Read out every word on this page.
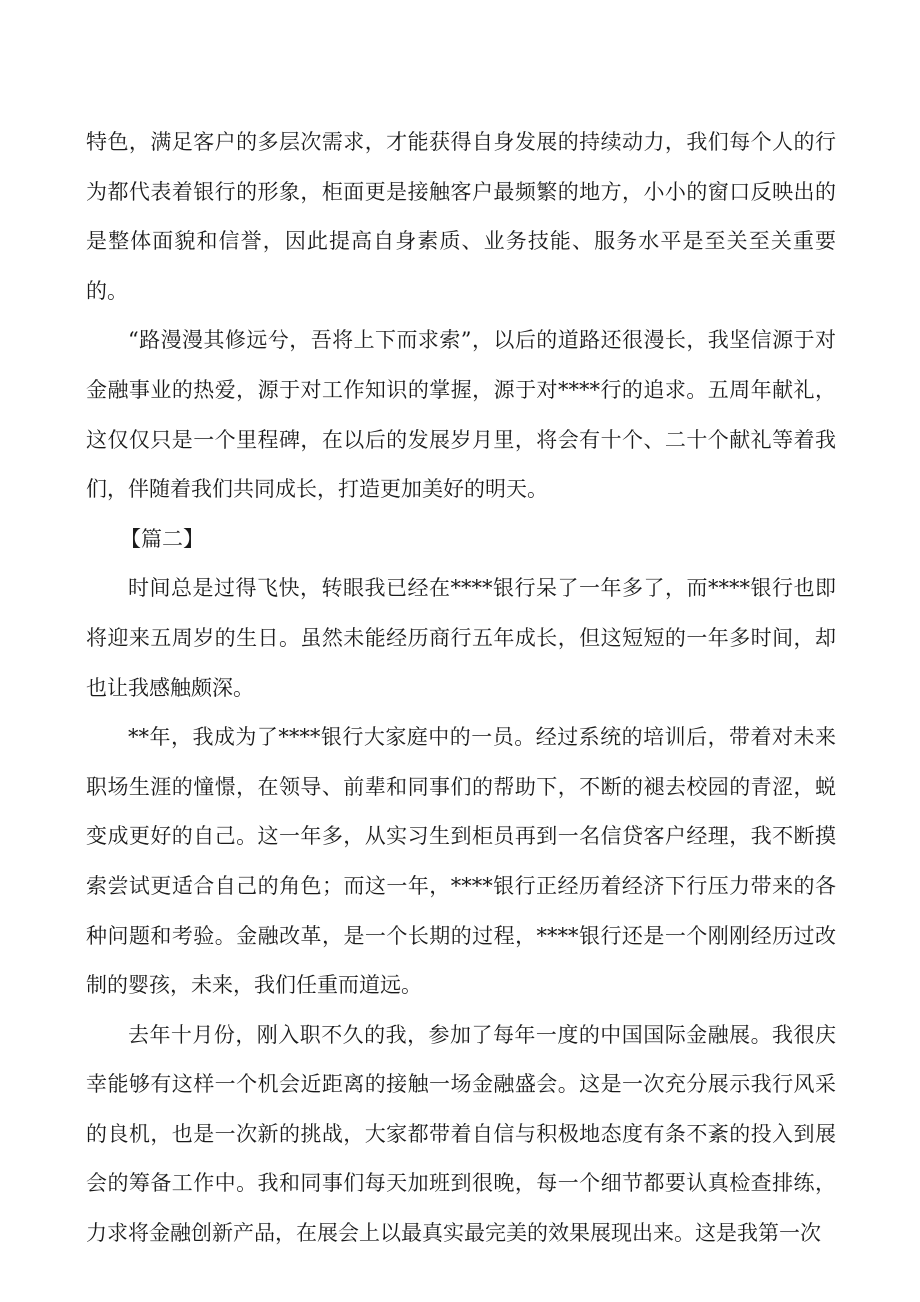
特色，满足客户的多层次需求，才能获得自身发展的持续动力，我们每个人的行为都代表着银行的形象，柜面更是接触客户最频繁的地方，小小的窗口反映出的是整体面貌和信誉，因此提高自身素质、业务技能、服务水平是至关至关重要的。

“路漫漫其修远兮，吾将上下而求索”，以后的道路还很漫长，我坚信源于对金融事业的热爱，源于对工作知识的掌握，源于对****行的追求。五周年献礼，这仅仅只是一个里程碑，在以后的发展岁月里，将会有十个、二十个献礼等着我们，伴随着我们共同成长，打造更加美好的明天。

【篇二】

时间总是过得飞快，转眼我已经在****银行呆了一年多了，而****银行也即将迎来五周岁的生日。虽然未能经历商行五年成长，但这短短的一年多时间，却也让我感触颇深。

**年，我成为了****银行大家庭中的一员。经过系统的培训后，带着对未来职场生涯的憧憬，在领导、前辈和同事们的帮助下，不断的褪去校园的青涩，蜕变成更好的自己。这一年多，从实习生到柜员再到一名信贷客户经理，我不断摸索尝试更适合自己的角色；而这一年，****银行正经历着经济下行压力带来的各种问题和考验。金融改革，是一个长期的过程，****银行还是一个刚刚经历过改制的婴孩，未来，我们任重而道远。

去年十月份，刚入职不久的我，参加了每年一度的中国国际金融展。我很庆幸能够有这样一个机会近距离的接触一场金融盛会。这是一次充分展示我行风采的良机，也是一次新的挑战，大家都带着自信与积极地态度有条不紊的投入到展会的筹备工作中。我和同事们每天加班到很晚，每一个细节都要认真检查排练，力求将金融创新产品，在展会上以最真实最完美的效果展现出来。这是我第一次
